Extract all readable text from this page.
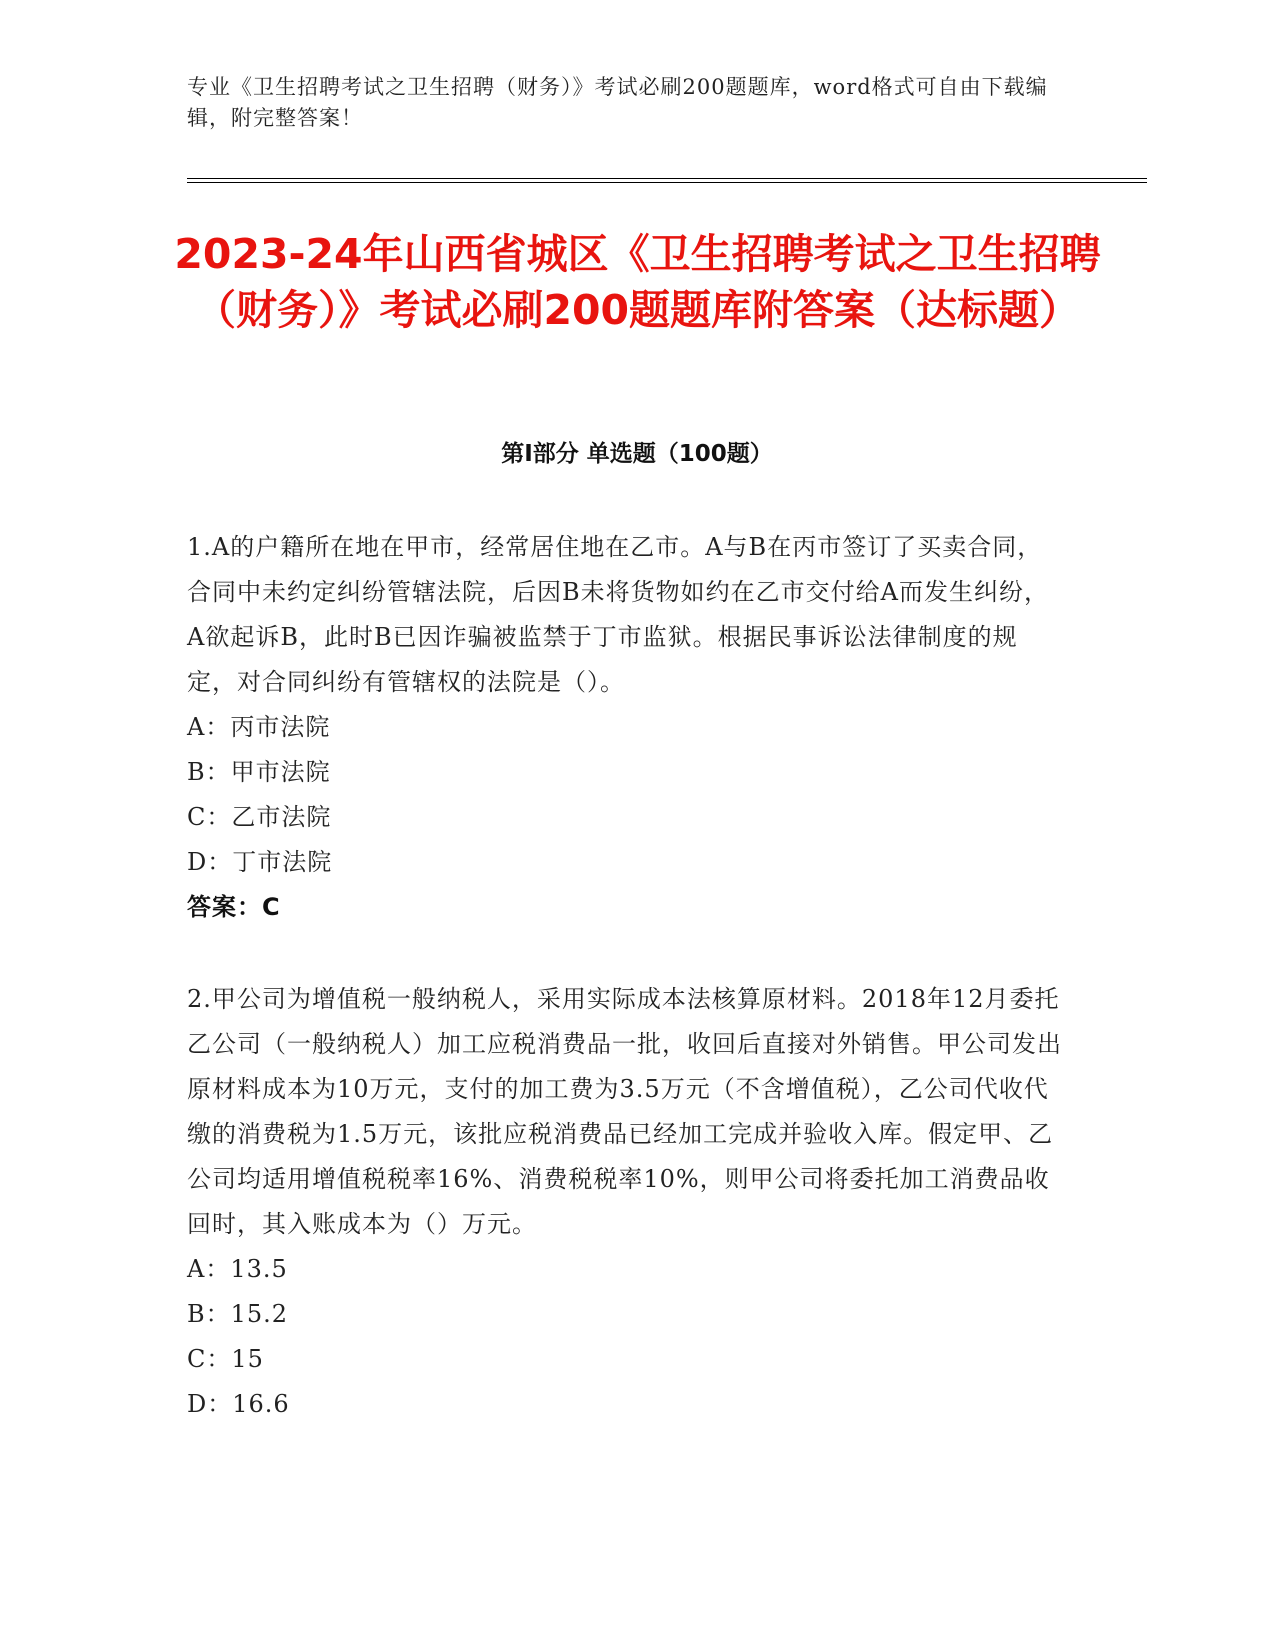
专业《卫生招聘考试之卫生招聘（财务）》考试必刷200题题库，word格式可自由下载编辑，附完整答案！
2023-24年山西省城区《卫生招聘考试之卫生招聘（财务）》考试必刷200题题库附答案（达标题）
第Ⅰ部分 单选题（100题）

1.A的户籍所在地在甲市，经常居住地在乙市。A与B在丙市签订了买卖合同，合同中未约定纠纷管辖法院，后因B未将货物如约在乙市交付给A而发生纠纷，A欲起诉B，此时B已因诈骗被监禁于丁市监狱。根据民事诉讼法律制度的规定，对合同纠纷有管辖权的法院是（）。

A：丙市法院

B：甲市法院

C：乙市法院

D：丁市法院

答案：C

2.甲公司为增值税一般纳税人，采用实际成本法核算原材料。2018年12月委托乙公司（一般纳税人）加工应税消费品一批，收回后直接对外销售。甲公司发出原材料成本为10万元，支付的加工费为3.5万元（不含增值税），乙公司代收代缴的消费税为1.5万元，该批应税消费品已经加工完成并验收入库。假定甲、乙公司均适用增值税税率16%、消费税税率10%，则甲公司将委托加工消费品收回时，其入账成本为（）万元。

A：13.5

B：15.2

C：15

D：16.6
